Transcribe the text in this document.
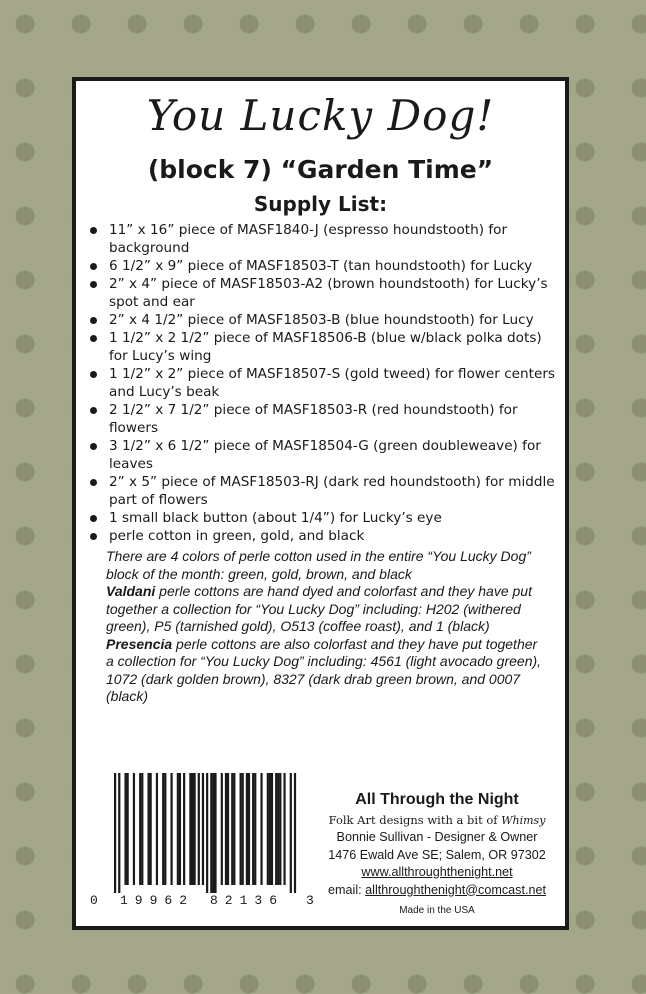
You Lucky Dog!
(block 7) “Garden Time”
Supply List:
11” x 16” piece of MASF1840-J (espresso houndstooth) for background
6 1/2” x 9” piece of MASF18503-T (tan houndstooth) for Lucky
2” x 4” piece of MASF18503-A2 (brown houndstooth) for Lucky’s spot and ear
2” x 4 1/2” piece of MASF18503-B (blue houndstooth) for Lucy
1 1/2” x 2 1/2” piece of MASF18506-B (blue w/black polka dots) for Lucy’s wing
1 1/2” x 2” piece of MASF18507-S (gold tweed) for flower centers and Lucy’s beak
2 1/2” x 7 1/2” piece of MASF18503-R (red houndstooth) for flowers
3 1/2” x 6 1/2” piece of MASF18504-G (green doubleweave) for leaves
2” x 5” piece of MASF18503-RJ (dark red houndstooth) for middle part of flowers
1 small black button (about 1/4”) for Lucky’s eye
perle cotton in green, gold, and black

There are 4 colors of perle cotton used in the entire “You Lucky Dog” block of the month: green, gold, brown, and black

Valdani perle cottons are hand dyed and colorfast and they have put together a collection for “You Lucky Dog” including: H202 (withered green), P5 (tarnished gold), O513 (coffee roast), and 1 (black)

Presencia perle cottons are also colorfast and they have put together a collection for “You Lucky Dog” including: 4561 (light avocado green), 1072 (dark golden brown), 8327 (dark drab green brown, and 0007 (black)

0 19962 82136 3

All Through the Night

Folk Art designs with a bit of Whimsy

Bonnie Sullivan - Designer & Owner

1476 Ewald Ave SE; Salem, OR 97302

www.allthroughthenight.net

email: allthroughthenight@comcast.net

Made in the USA
